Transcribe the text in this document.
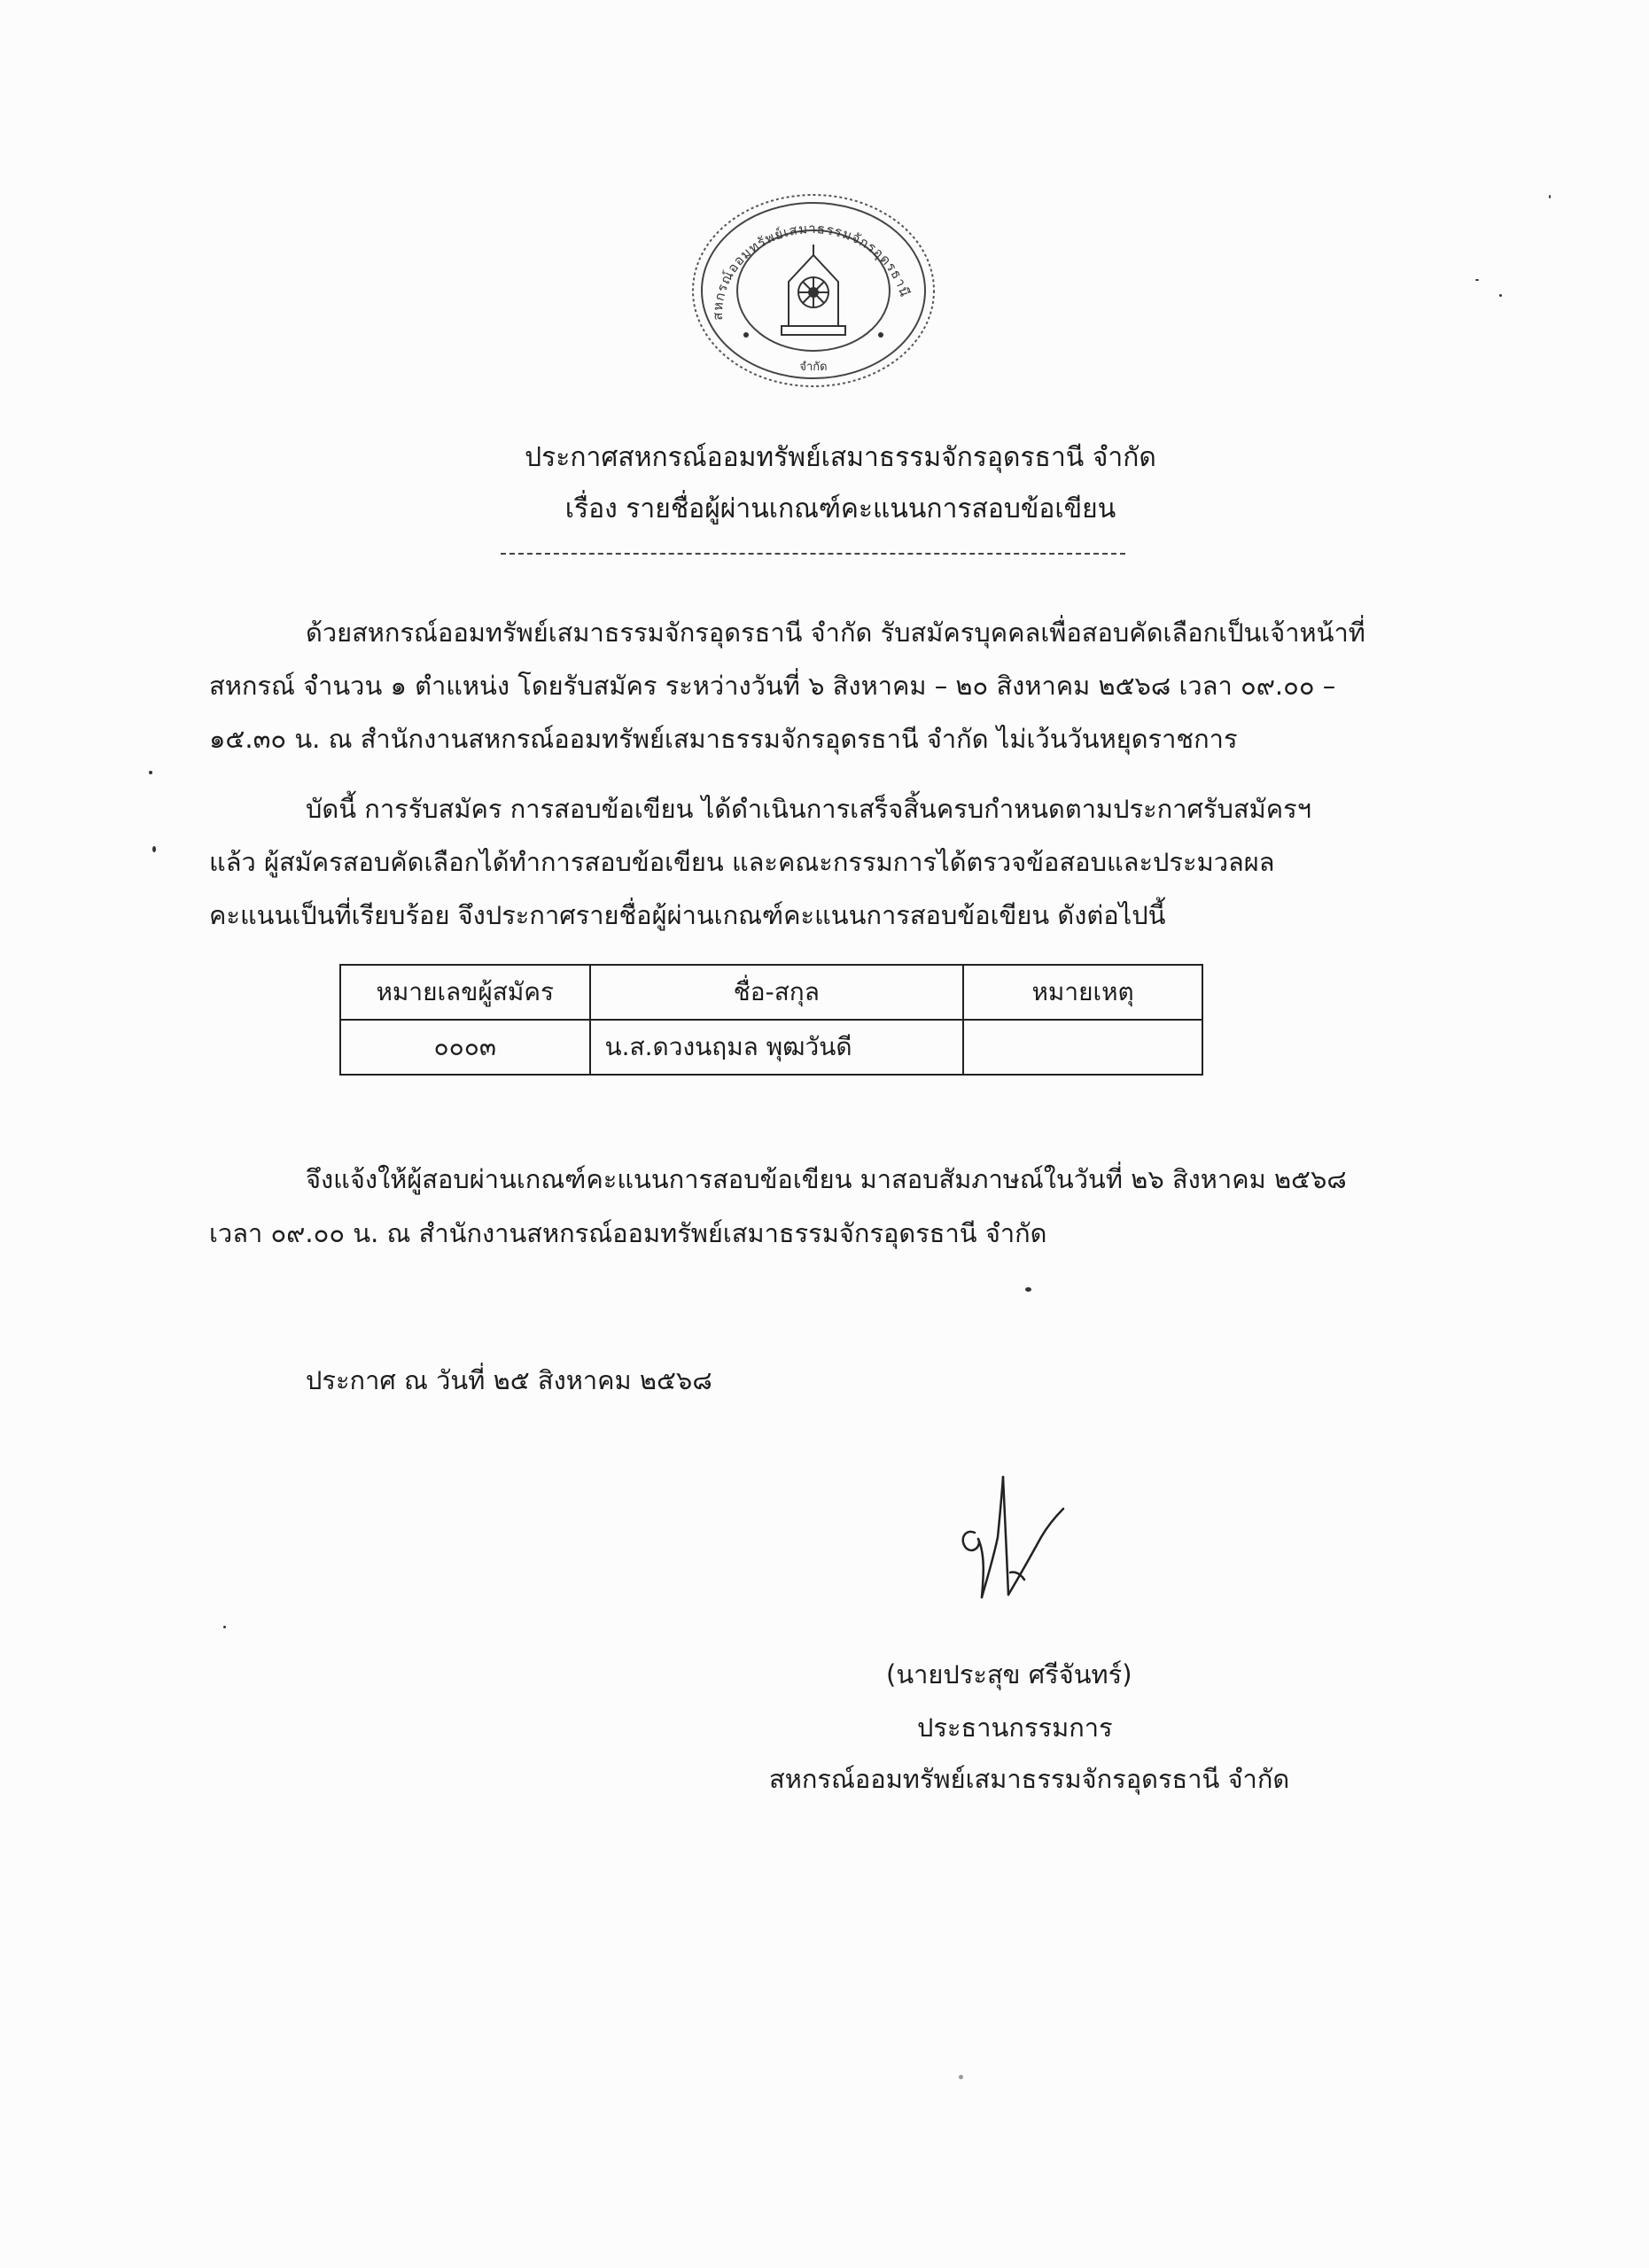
สหกรณ์ออมทรัพย์เสมาธรรมจักรอุดรธานี
จำกัด
ประกาศสหกรณ์ออมทรัพย์เสมาธรรมจักรอุดรธานี จำกัด
เรื่อง รายชื่อผู้ผ่านเกณฑ์คะแนนการสอบข้อเขียน
ด้วยสหกรณ์ออมทรัพย์เสมาธรรมจักรอุดรธานี จำกัด รับสมัครบุคคลเพื่อสอบคัดเลือกเป็นเจ้าหน้าที่
สหกรณ์ จำนวน ๑ ตำแหน่ง โดยรับสมัคร ระหว่างวันที่ ๖ สิงหาคม – ๒๐ สิงหาคม ๒๕๖๘ เวลา ๐๙.๐๐ –
๑๕.๓๐ น. ณ สำนักงานสหกรณ์ออมทรัพย์เสมาธรรมจักรอุดรธานี จำกัด ไม่เว้นวันหยุดราชการ
บัดนี้ การรับสมัคร การสอบข้อเขียน ได้ดำเนินการเสร็จสิ้นครบกำหนดตามประกาศรับสมัครฯ
แล้ว ผู้สมัครสอบคัดเลือกได้ทำการสอบข้อเขียน และคณะกรรมการได้ตรวจข้อสอบและประมวลผล
คะแนนเป็นที่เรียบร้อย จึงประกาศรายชื่อผู้ผ่านเกณฑ์คะแนนการสอบข้อเขียน ดังต่อไปนี้
หมายเลขผู้สมัคร	ชื่อ-สกุล	หมายเหตุ
๐๐๐๓	น.ส.ดวงนฤมล พุฒวันดี	
จึงแจ้งให้ผู้สอบผ่านเกณฑ์คะแนนการสอบข้อเขียน มาสอบสัมภาษณ์ในวันที่ ๒๖ สิงหาคม ๒๕๖๘
เวลา ๐๙.๐๐ น. ณ สำนักงานสหกรณ์ออมทรัพย์เสมาธรรมจักรอุดรธานี จำกัด
ประกาศ ณ วันที่ ๒๕ สิงหาคม ๒๕๖๘
(นายประสุข ศรีจันทร์)
ประธานกรรมการ
สหกรณ์ออมทรัพย์เสมาธรรมจักรอุดรธานี จำกัด
